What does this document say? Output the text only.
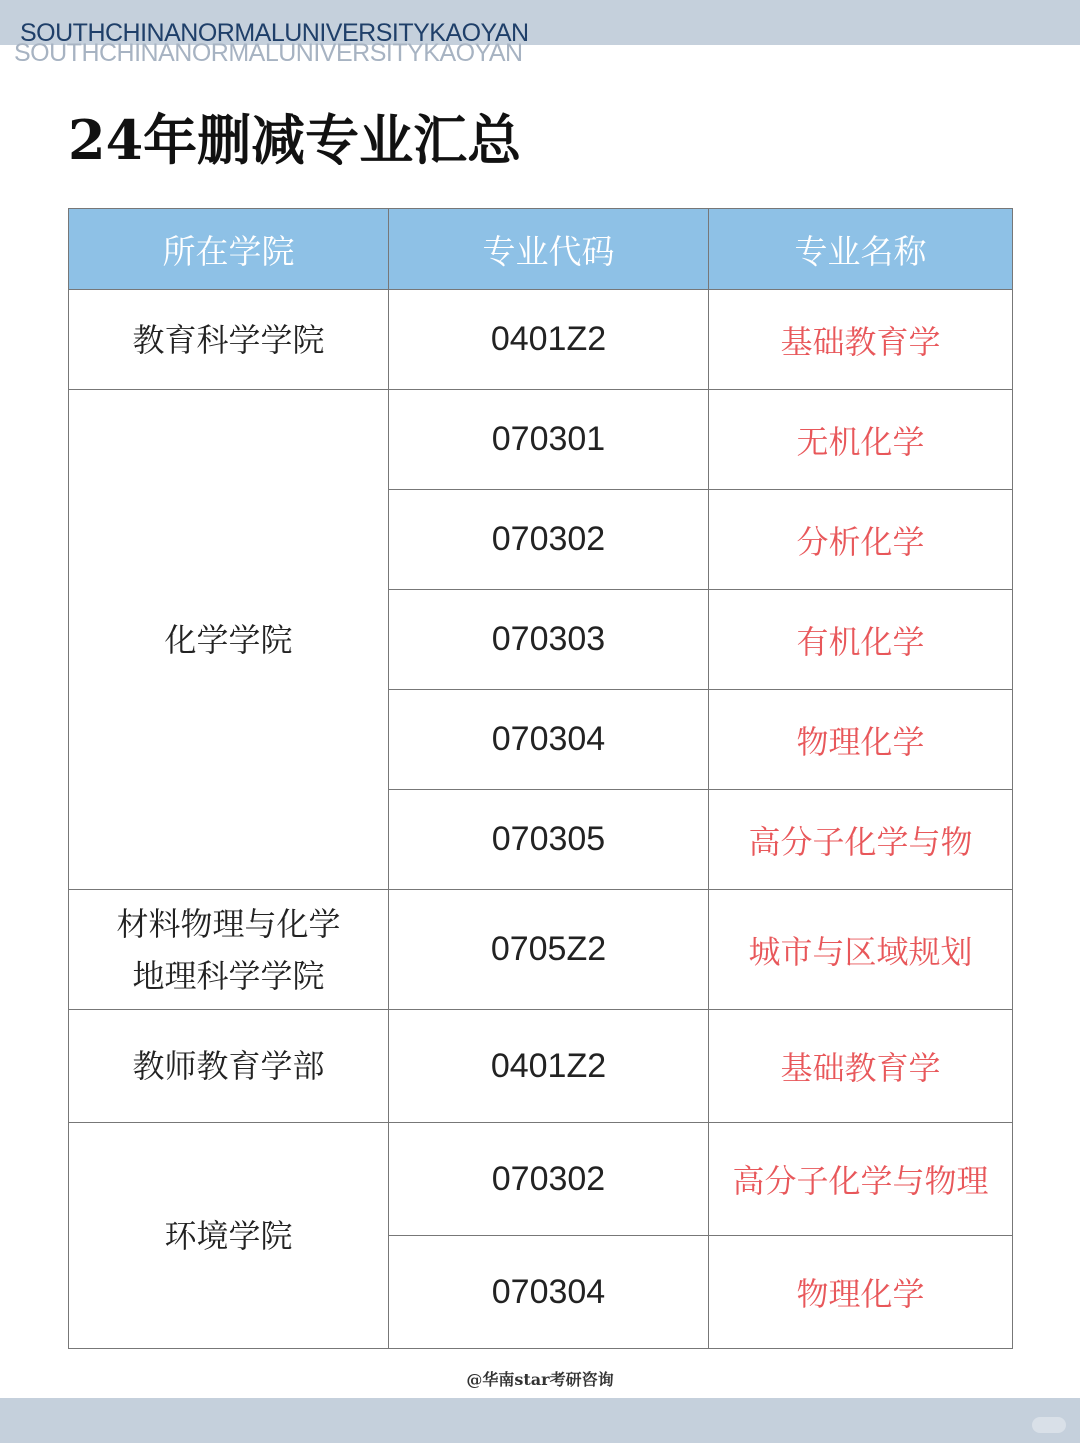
SOUTHCHINANORMALUNIVERSITYKAOYAN
SOUTHCHINANORMALUNIVERSITYKAOYAN
24年删减专业汇总
所在学院	专业代码	专业名称
教育科学学院	0401Z2	基础教育学
化学学院	070301	无机化学
	070302	分析化学
	070303	有机化学
	070304	物理化学
	070305	高分子化学与物
材料物理与化学
地理科学学院	0705Z2	城市与区域规划
教师教育学部	0401Z2	基础教育学
环境学院	070302	高分子化学与物理
	070304	物理化学
@华南star考研咨询
